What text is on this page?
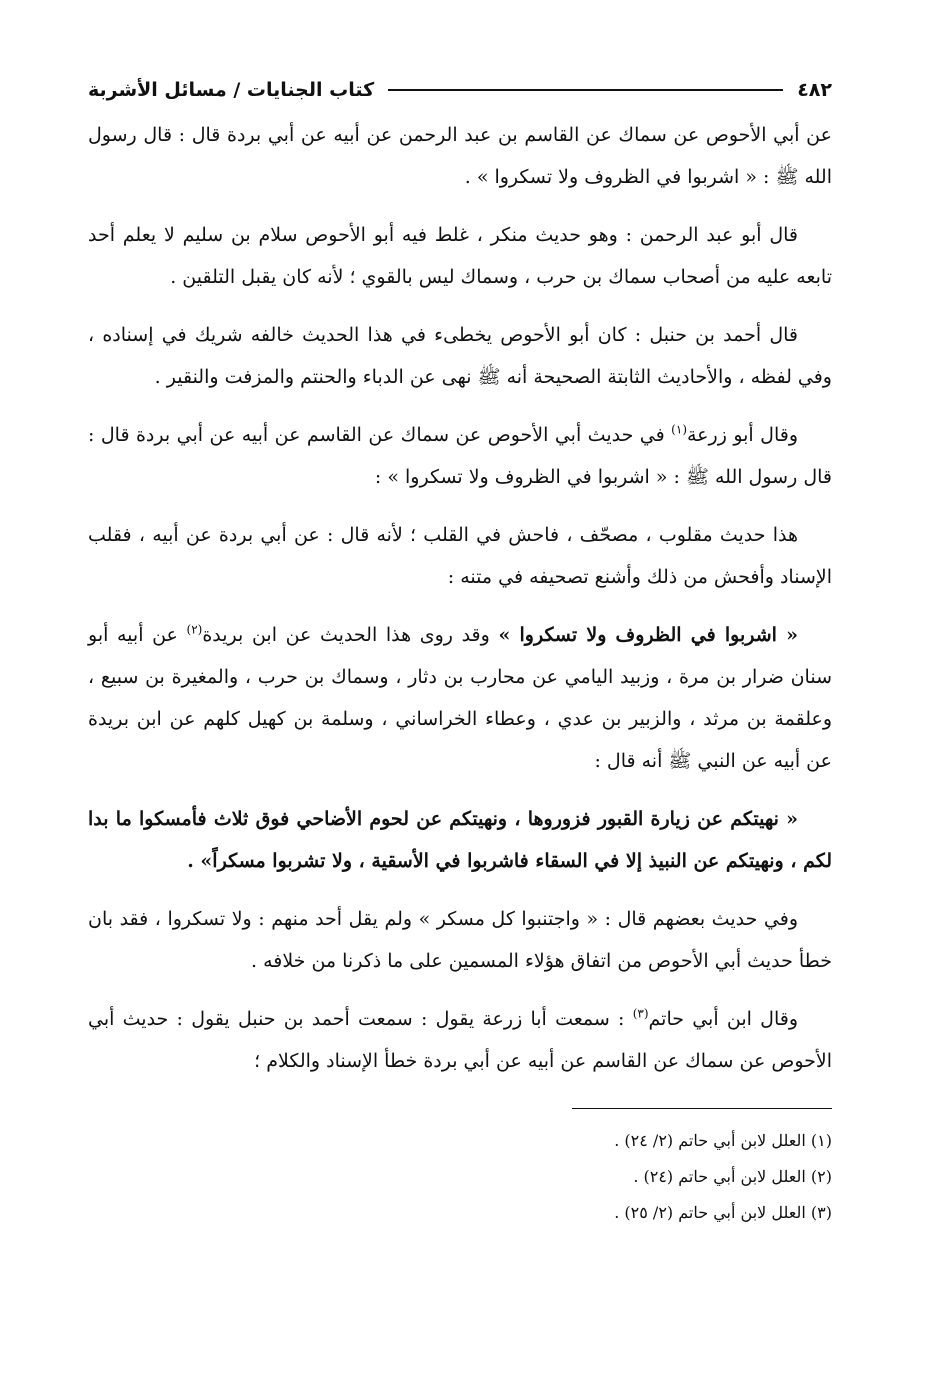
٤٨٢
كتاب الجنايات / مسائل الأشربة

عن أبي الأحوص عن سماك عن القاسم بن عبد الرحمن عن أبيه عن أبي بردة قال : قال رسول الله ﷺ : « اشربوا في الظروف ولا تسكروا » .

قال أبو عبد الرحمن : وهو حديث منكر ، غلط فيه أبو الأحوص سلام بن سليم لا يعلم أحد تابعه عليه من أصحاب سماك بن حرب ، وسماك ليس بالقوي ؛ لأنه كان يقبل التلقين .

قال أحمد بن حنبل : كان أبو الأحوص يخطىء في هذا الحديث خالفه شريك في إسناده ، وفي لفظه ، والأحاديث الثابتة الصحيحة أنه ﷺ نهى عن الدباء والحنتم والمزفت والنقير .

وقال أبو زرعة$^{(١)}$ في حديث أبي الأحوص عن سماك عن القاسم عن أبيه عن أبي بردة قال : قال رسول الله ﷺ : « اشربوا في الظروف ولا تسكروا » :

هذا حديث مقلوب ، مصحّف ، فاحش في القلب ؛ لأنه قال : عن أبي بردة عن أبيه ، فقلب الإسناد وأفحش من ذلك وأشنع تصحيفه في متنه :

« اشربوا في الظروف ولا تسكروا » وقد روى هذا الحديث عن ابن بريدة$^{(٢)}$ عن أبيه أبو سنان ضرار بن مرة ، وزبيد اليامي عن محارب بن دثار ، وسماك بن حرب ، والمغيرة بن سبيع ، وعلقمة بن مرثد ، والزبير بن عدي ، وعطاء الخراساني ، وسلمة بن كهيل كلهم عن ابن بريدة عن أبيه عن النبي ﷺ أنه قال :

« نهيتكم عن زيارة القبور فزوروها ، ونهيتكم عن لحوم الأضاحي فوق ثلاث فأمسكوا ما بدا لكم ، ونهيتكم عن النبيذ إلا في السقاء فاشربوا في الأسقية ، ولا تشربوا مسكراً» .

وفي حديث بعضهم قال : « واجتنبوا كل مسكر » ولم يقل أحد منهم : ولا تسكروا ، فقد بان خطأ حديث أبي الأحوص من اتفاق هؤلاء المسمين على ما ذكرنا من خلافه .

وقال ابن أبي حاتم$^{(٣)}$ : سمعت أبا زرعة يقول : سمعت أحمد بن حنبل يقول : حديث أبي الأحوص عن سماك عن القاسم عن أبيه عن أبي بردة خطأ الإسناد والكلام ؛

(١) العلل لابن أبي حاتم (٢/ ٢٤) .
(٢) العلل لابن أبي حاتم (٢٤) .
(٣) العلل لابن أبي حاتم (٢/ ٢٥) .
